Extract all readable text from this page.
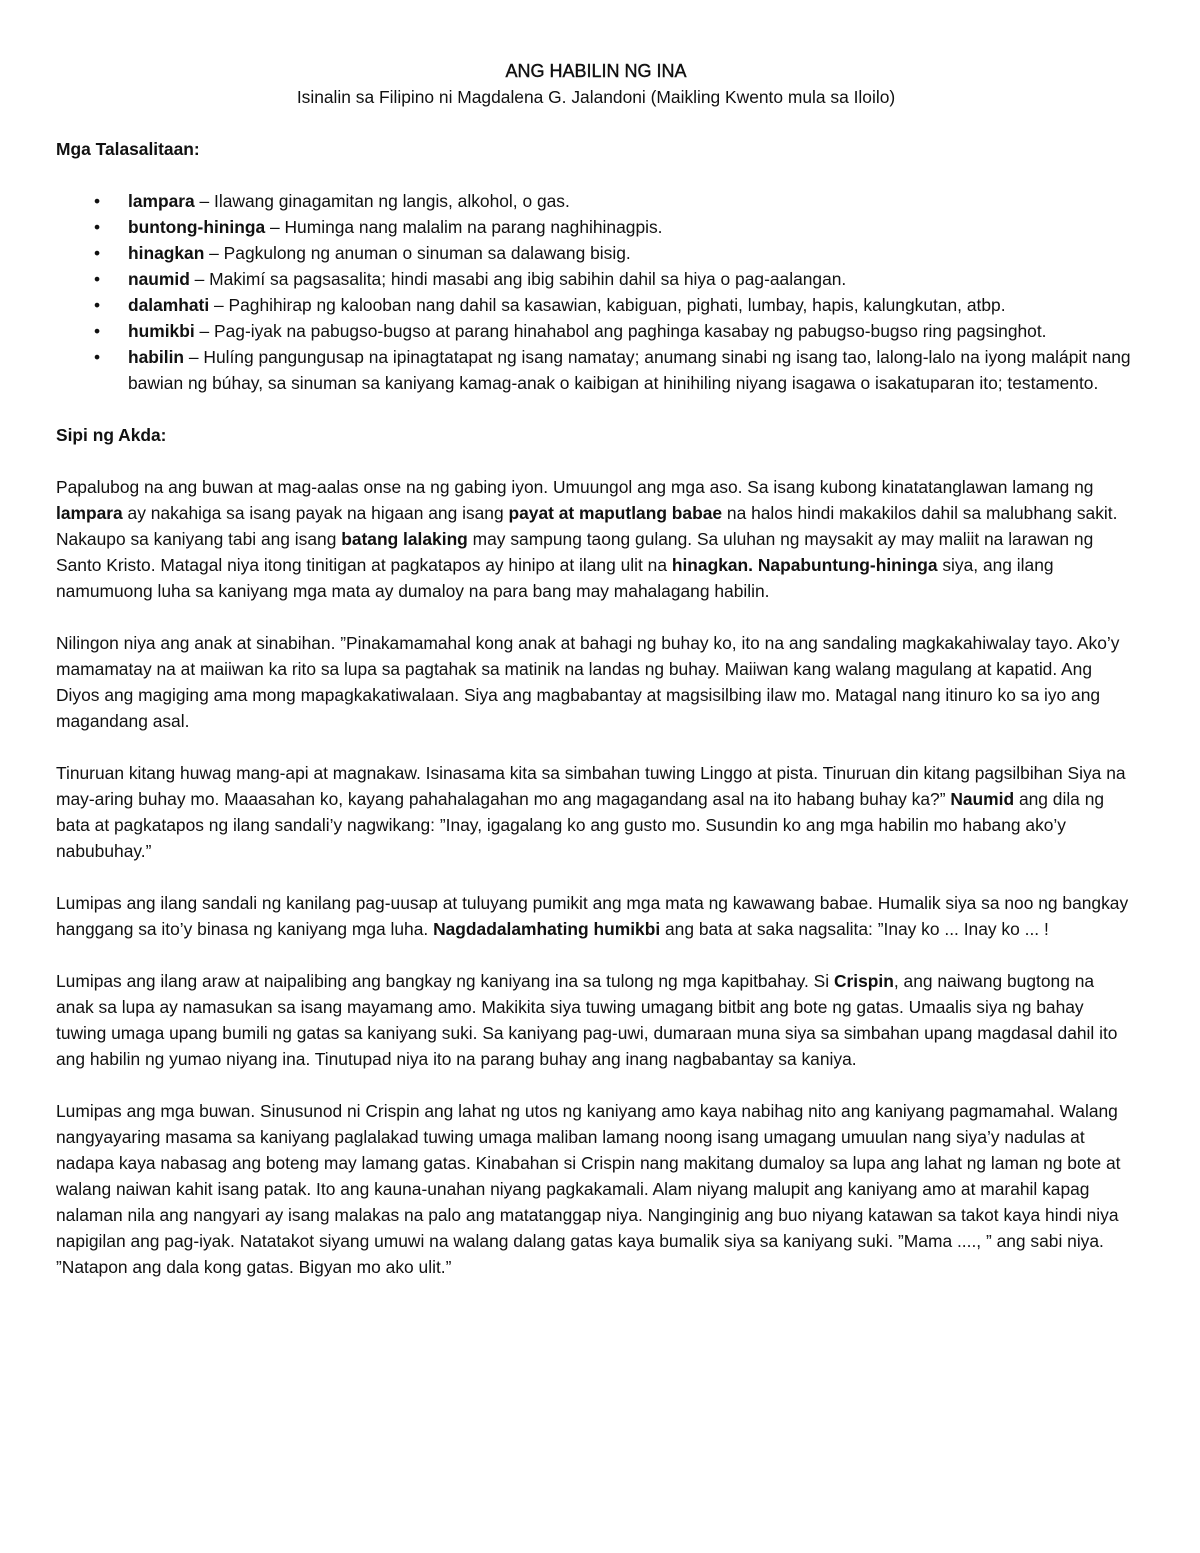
ANG HABILIN NG INA

Isinalin sa Filipino ni Magdalena G. Jalandoni (Maikling Kwento mula sa Iloilo)

Mga Talasalitaan:

• lampara – Ilawang ginagamitan ng langis, alkohol, o gas.
• buntong-hininga – Huminga nang malalim na parang naghihinagpis.
• hinagkan – Pagkulong ng anuman o sinuman sa dalawang bisig.
• naumid – Makimí sa pagsasalita; hindi masabi ang ibig sabihin dahil sa hiya o pag-aalangan.
• dalamhati – Paghihirap ng kalooban nang dahil sa kasawian, kabiguan, pighati, lumbay, hapis, kalungkutan, atbp.
• humikbi – Pag-iyak na pabugso-bugso at parang hinahabol ang paghinga kasabay ng pabugso-bugso ring pagsinghot.
• habilin – Hulíng pangungusap na ipinagtatapat ng isang namatay; anumang sinabi ng isang tao, lalong-lalo na iyong malápit nang bawian ng búhay, sa sinuman sa kaniyang kamag-anak o kaibigan at hinihiling niyang isagawa o isakatuparan ito; testamento.

Sipi ng Akda:

Papalubog na ang buwan at mag-aalas onse na ng gabing iyon. Umuungol ang mga aso. Sa isang kubong kinatatanglawan lamang ng lampara ay nakahiga sa isang payak na higaan ang isang payat at maputlang babae na halos hindi makakilos dahil sa malubhang sakit. Nakaupo sa kaniyang tabi ang isang batang lalaking may sampung taong gulang. Sa uluhan ng maysakit ay may maliit na larawan ng Santo Kristo. Matagal niya itong tinitigan at pagkatapos ay hinipo at ilang ulit na hinagkan. Napabuntung-hininga siya, ang ilang namumuong luha sa kaniyang mga mata ay dumaloy na para bang may mahalagang habilin.

Nilingon niya ang anak at sinabihan. ”Pinakamamahal kong anak at bahagi ng buhay ko, ito na ang sandaling magkakahiwalay tayo. Ako’y mamamatay na at maiiwan ka rito sa lupa sa pagtahak sa matinik na landas ng buhay. Maiiwan kang walang magulang at kapatid. Ang Diyos ang magiging ama mong mapagkakatiwalaan. Siya ang magbabantay at magsisilbing ilaw mo. Matagal nang itinuro ko sa iyo ang magandang asal.

Tinuruan kitang huwag mang-api at magnakaw. Isinasama kita sa simbahan tuwing Linggo at pista. Tinuruan din kitang pagsilbihan Siya na may-aring buhay mo. Maaasahan ko, kayang pahahalagahan mo ang magagandang asal na ito habang buhay ka?” Naumid ang dila ng bata at pagkatapos ng ilang sandali’y nagwikang: ”Inay, igagalang ko ang gusto mo. Susundin ko ang mga habilin mo habang ako’y nabubuhay.”

Lumipas ang ilang sandali ng kanilang pag-uusap at tuluyang pumikit ang mga mata ng kawawang babae. Humalik siya sa noo ng bangkay hanggang sa ito’y binasa ng kaniyang mga luha. Nagdadalamhating humikbi ang bata at saka nagsalita: ”Inay ko ... Inay ko ... !

Lumipas ang ilang araw at naipalibing ang bangkay ng kaniyang ina sa tulong ng mga kapitbahay. Si Crispin, ang naiwang bugtong na anak sa lupa ay namasukan sa isang mayamang amo. Makikita siya tuwing umagang bitbit ang bote ng gatas. Umaalis siya ng bahay tuwing umaga upang bumili ng gatas sa kaniyang suki. Sa kaniyang pag-uwi, dumaraan muna siya sa simbahan upang magdasal dahil ito ang habilin ng yumao niyang ina. Tinutupad niya ito na parang buhay ang inang nagbabantay sa kaniya.

Lumipas ang mga buwan. Sinusunod ni Crispin ang lahat ng utos ng kaniyang amo kaya nabihag nito ang kaniyang pagmamahal. Walang nangyayaring masama sa kaniyang paglalakad tuwing umaga maliban lamang noong isang umagang umuulan nang siya’y nadulas at nadapa kaya nabasag ang boteng may lamang gatas. Kinabahan si Crispin nang makitang dumaloy sa lupa ang lahat ng laman ng bote at walang naiwan kahit isang patak. Ito ang kauna-unahan niyang pagkakamali. Alam niyang malupit ang kaniyang amo at marahil kapag nalaman nila ang nangyari ay isang malakas na palo ang matatanggap niya. Nanginginig ang buo niyang katawan sa takot kaya hindi niya napigilan ang pag-iyak. Natatakot siyang umuwi na walang dalang gatas kaya bumalik siya sa kaniyang suki. ”Mama ...., ” ang sabi niya. ”Natapon ang dala kong gatas. Bigyan mo ako ulit.”
